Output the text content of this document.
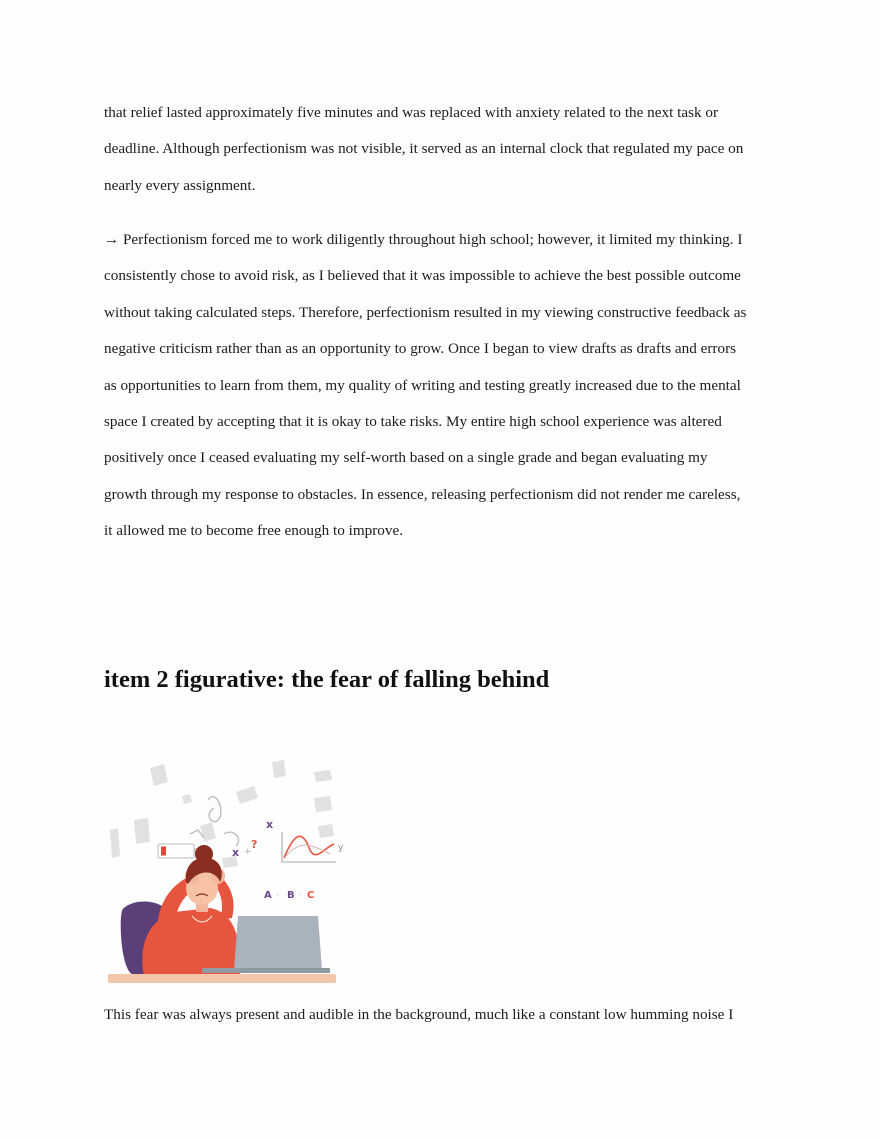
that relief lasted approximately five minutes and was replaced with anxiety related to the next task or
deadline. Although perfectionism was not visible, it served as an internal clock that regulated my pace on
nearly every assignment.

→ Perfectionism forced me to work diligently throughout high school; however, it limited my thinking. I
consistently chose to avoid risk, as I believed that it was impossible to achieve the best possible outcome
without taking calculated steps. Therefore, perfectionism resulted in my viewing constructive feedback as
negative criticism rather than as an opportunity to grow. Once I began to view drafts as drafts and errors
as opportunities to learn from them, my quality of writing and testing greatly increased due to the mental
space I created by accepting that it is okay to take risks. My entire high school experience was altered
positively once I ceased evaluating my self-worth based on a single grade and began evaluating my
growth through my response to obstacles. In essence, releasing perfectionism did not render me careless,
it allowed me to become free enough to improve.

item 2 figurative: the fear of falling behind
x +
?
x
y
A - B - C

This fear was always present and audible in the background, much like a constant low humming noise I
